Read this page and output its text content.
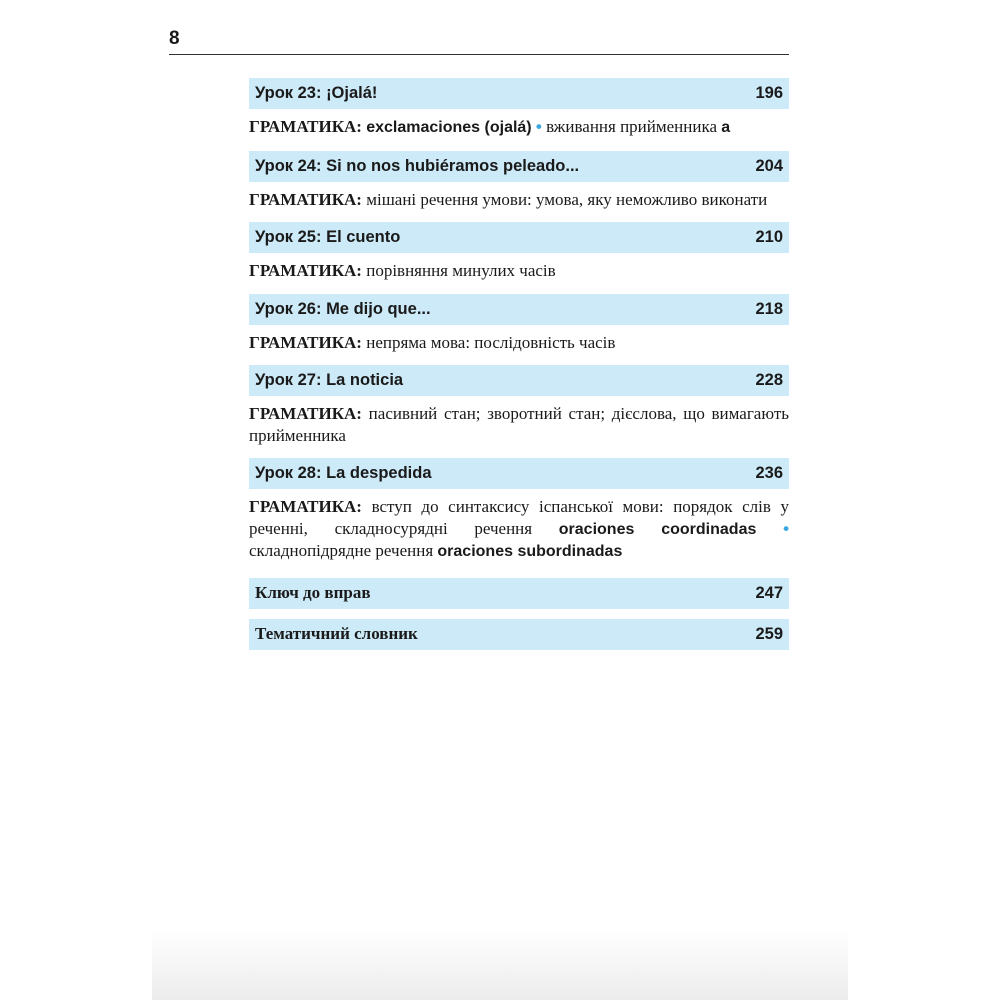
8
Урок 23: ¡Ojalá!	196
ГРАМАТИКА: exclamaciones (ojalá) • вживання прийменника a
Урок 24: Si no nos hubiéramos peleado...	204
ГРАМАТИКА: мішані речення умови: умова, яку неможливо виконати
Урок 25: El cuento	210
ГРАМАТИКА: порівняння минулих часів
Урок 26: Me dijo que...	218
ГРАМАТИКА: непряма мова: послідовність часів
Урок 27: La noticia	228
ГРАМАТИКА: пасивний стан; зворотний стан; дієслова, що вимагають прийменника
Урок 28: La despedida	236
ГРАМАТИКА: вступ до синтаксису іспанської мови: порядок слів у реченні, складносурядні речення oraciones coordinadas • складнопідрядне речення oraciones subordinadas
Ключ до вправ	247
Тематичний словник	259
